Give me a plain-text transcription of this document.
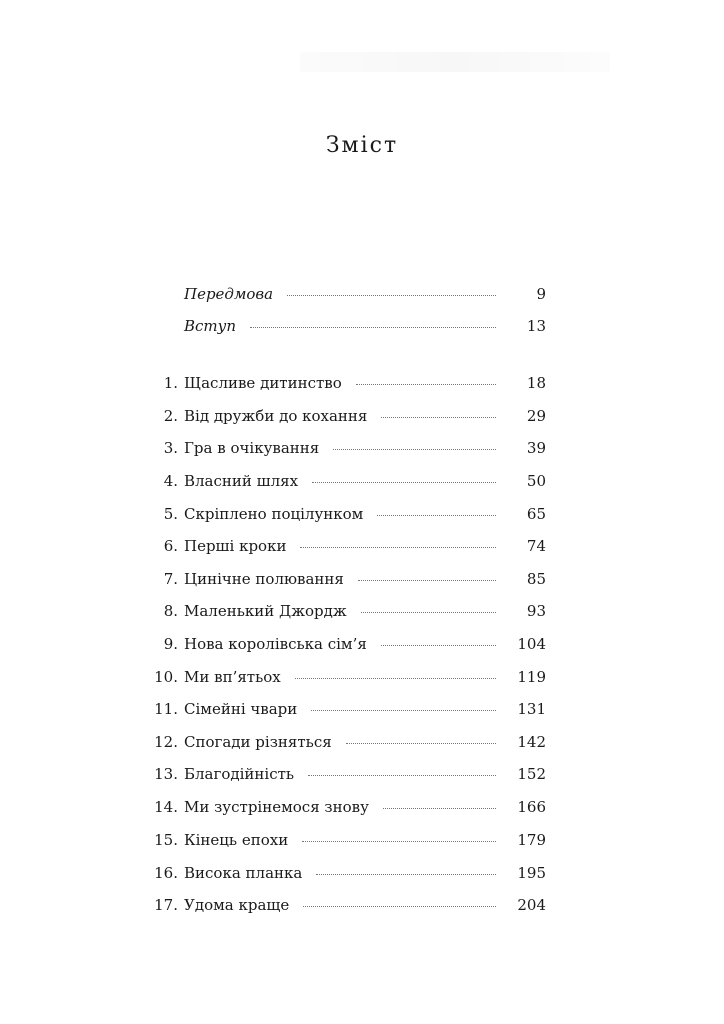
Зміст
Передмова	9
Вступ	13
1. Щасливе дитинство	18
2. Від дружби до кохання	29
3. Гра в очікування	39
4. Власний шлях	50
5. Скріплено поцілунком	65
6. Перші кроки	74
7. Цинічне полювання	85
8. Маленький Джордж	93
9. Нова королівська сім’я	104
10. Ми вп’ятьох	119
11. Сімейні чвари	131
12. Спогади різняться	142
13. Благодійність	152
14. Ми зустрінемося знову	166
15. Кінець епохи	179
16. Висока планка	195
17. Удома краще	204
